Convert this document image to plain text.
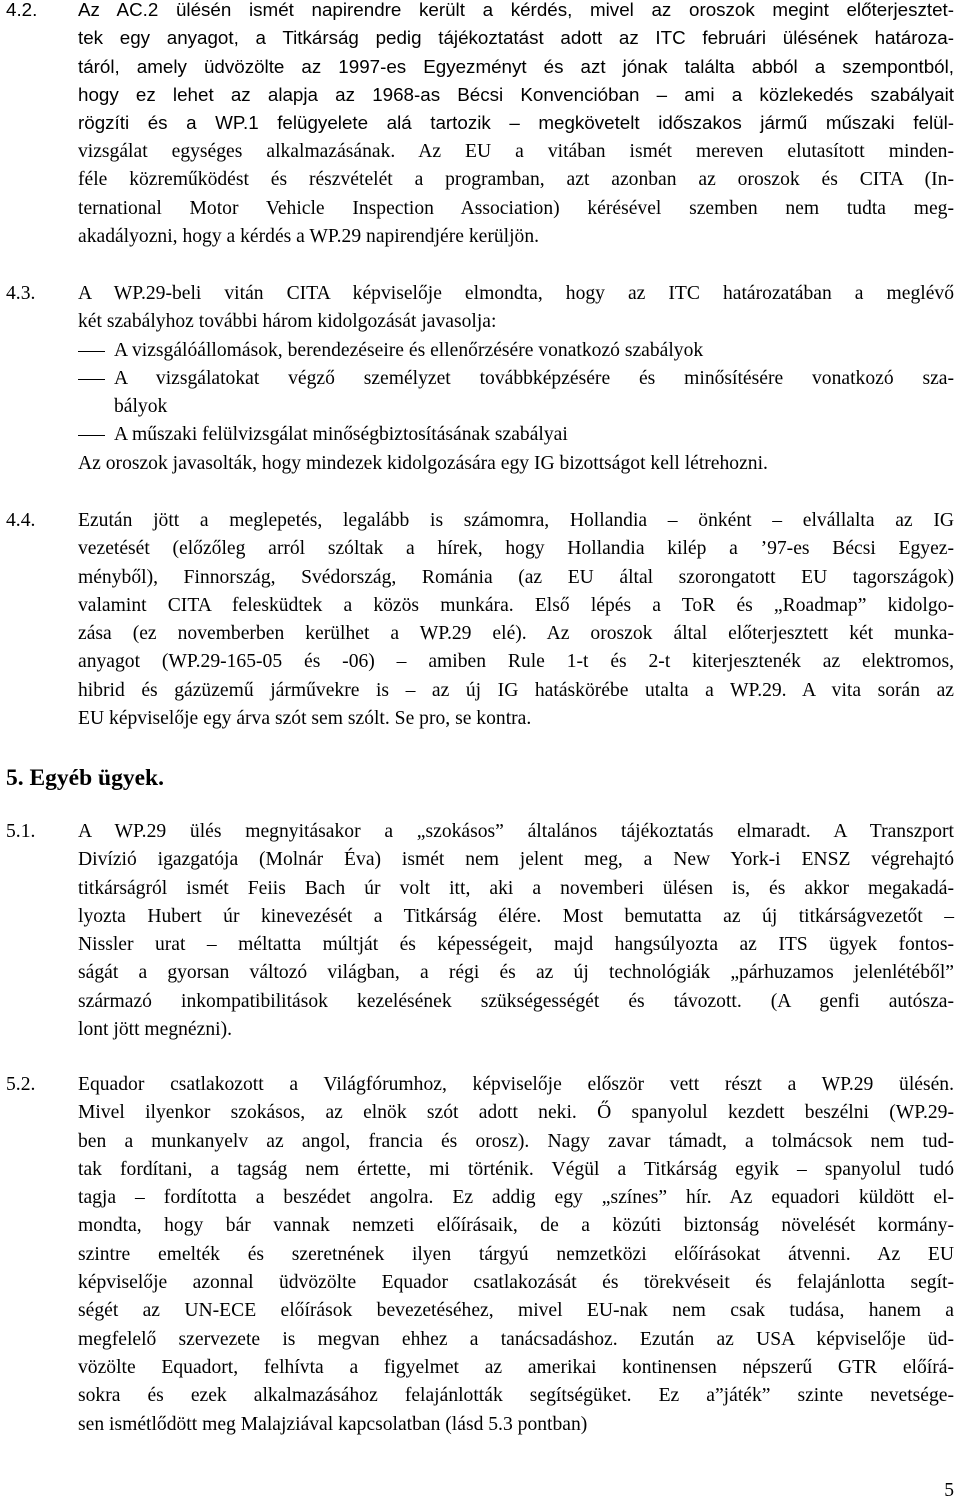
4.2.	Az AC.2 ülésén ismét napirendre került a kérdés, mivel az oroszok megint előterjesztet-
tek egy anyagot, a Titkárság pedig tájékoztatást adott az ITC februári ülésének határoza-
táról, amely üdvözölte az 1997-es Egyezményt és azt jónak találta abból a szempontból,
hogy ez lehet az alapja az 1968-as Bécsi Konvencióban – ami a közlekedés szabályait
rögzíti és a WP.1 felügyelete alá tartozik – megkövetelt időszakos jármű műszaki felül-
vizsgálat egységes alkalmazásának. Az EU a vitában ismét mereven elutasított minden-
féle közreműködést és részvételét a programban, azt azonban az oroszok és CITA (In-
ternational Motor Vehicle Inspection Association) kérésével szemben nem tudta meg-
akadályozni, hogy a kérdés a WP.29 napirendjére kerüljön.
4.3.	A WP.29-beli vitán CITA képviselője elmondta, hogy az ITC határozatában a meglévő
két szabályhoz további három kidolgozását javasolja:
A vizsgálóállomások, berendezéseire és ellenőrzésére vonatkozó szabályok
A vizsgálatokat végző személyzet továbbképzésére és minősítésére vonatkozó sza-
bályok
A műszaki felülvizsgálat minőségbiztosításának szabályai
Az oroszok javasolták, hogy mindezek kidolgozására egy IG bizottságot kell létrehozni.
4.4.	Ezután jött a meglepetés, legalább is számomra, Hollandia – önként – elvállalta az IG
vezetését (előzőleg arról szóltak a hírek, hogy Hollandia kilép a ’97-es Bécsi Egyez-
ményből), Finnország, Svédország, Románia (az EU által szorongatott EU tagországok)
valamint CITA felesküdtek a közös munkára. Első lépés a ToR és „Roadmap” kidolgo-
zása (ez novemberben kerülhet a WP.29 elé). Az oroszok által előterjesztett két munka-
anyagot (WP.29-165-05 és -06) – amiben Rule 1-t és 2-t kiterjesztenék az elektromos,
hibrid és gázüzemű járművekre is – az új IG hatáskörébe utalta a WP.29. A vita során az
EU képviselője egy árva szót sem szólt. Se pro, se kontra.
5. Egyéb ügyek.
5.1.	A WP.29 ülés megnyitásakor a „szokásos” általános tájékoztatás elmaradt. A Transzport
Divízió igazgatója (Molnár Éva) ismét nem jelent meg, a New York-i ENSZ végrehajtó
titkárságról ismét Feiis Bach úr volt itt, aki a novemberi ülésen is, és akkor megakadá-
lyozta Hubert úr kinevezését a Titkárság élére. Most bemutatta az új titkárságvezetőt –
Nissler urat – méltatta múltját és képességeit, majd hangsúlyozta az ITS ügyek fontos-
ságát a gyorsan változó világban, a régi és az új technológiák „párhuzamos jelenlétéből”
származó inkompatibilitások kezelésének szükségességét és távozott. (A genfi autósza-
lont jött megnézni).
5.2.	Equador csatlakozott a Világfórumhoz, képviselője először vett részt a WP.29 ülésén.
Mivel ilyenkor szokásos, az elnök szót adott neki. Ő spanyolul kezdett beszélni (WP.29-
ben a munkanyelv az angol, francia és orosz). Nagy zavar támadt, a tolmácsok nem tud-
tak fordítani, a tagság nem értette, mi történik. Végül a Titkárság egyik – spanyolul tudó
tagja – fordította a beszédet angolra. Ez addig egy „színes” hír. Az equadori küldött el-
mondta, hogy bár vannak nemzeti előírásaik, de a közúti biztonság növelését kormány-
szintre emelték és szeretnének ilyen tárgyú nemzetközi előírásokat átvenni. Az EU
képviselője azonnal üdvözölte Equador csatlakozását és törekvéseit és felajánlotta segít-
ségét az UN-ECE előírások bevezetéséhez, mivel EU-nak nem csak tudása, hanem a
megfelelő szervezete is megvan ehhez a tanácsadáshoz. Ezután az USA képviselője üd-
vözölte Equadort, felhívta a figyelmet az amerikai kontinensen népszerű GTR előírá-
sokra és ezek alkalmazásához felajánlották segítségüket. Ez a”játék” szinte nevetsége-
sen ismétlődött meg Malajziával kapcsolatban (lásd 5.3 pontban)
5
